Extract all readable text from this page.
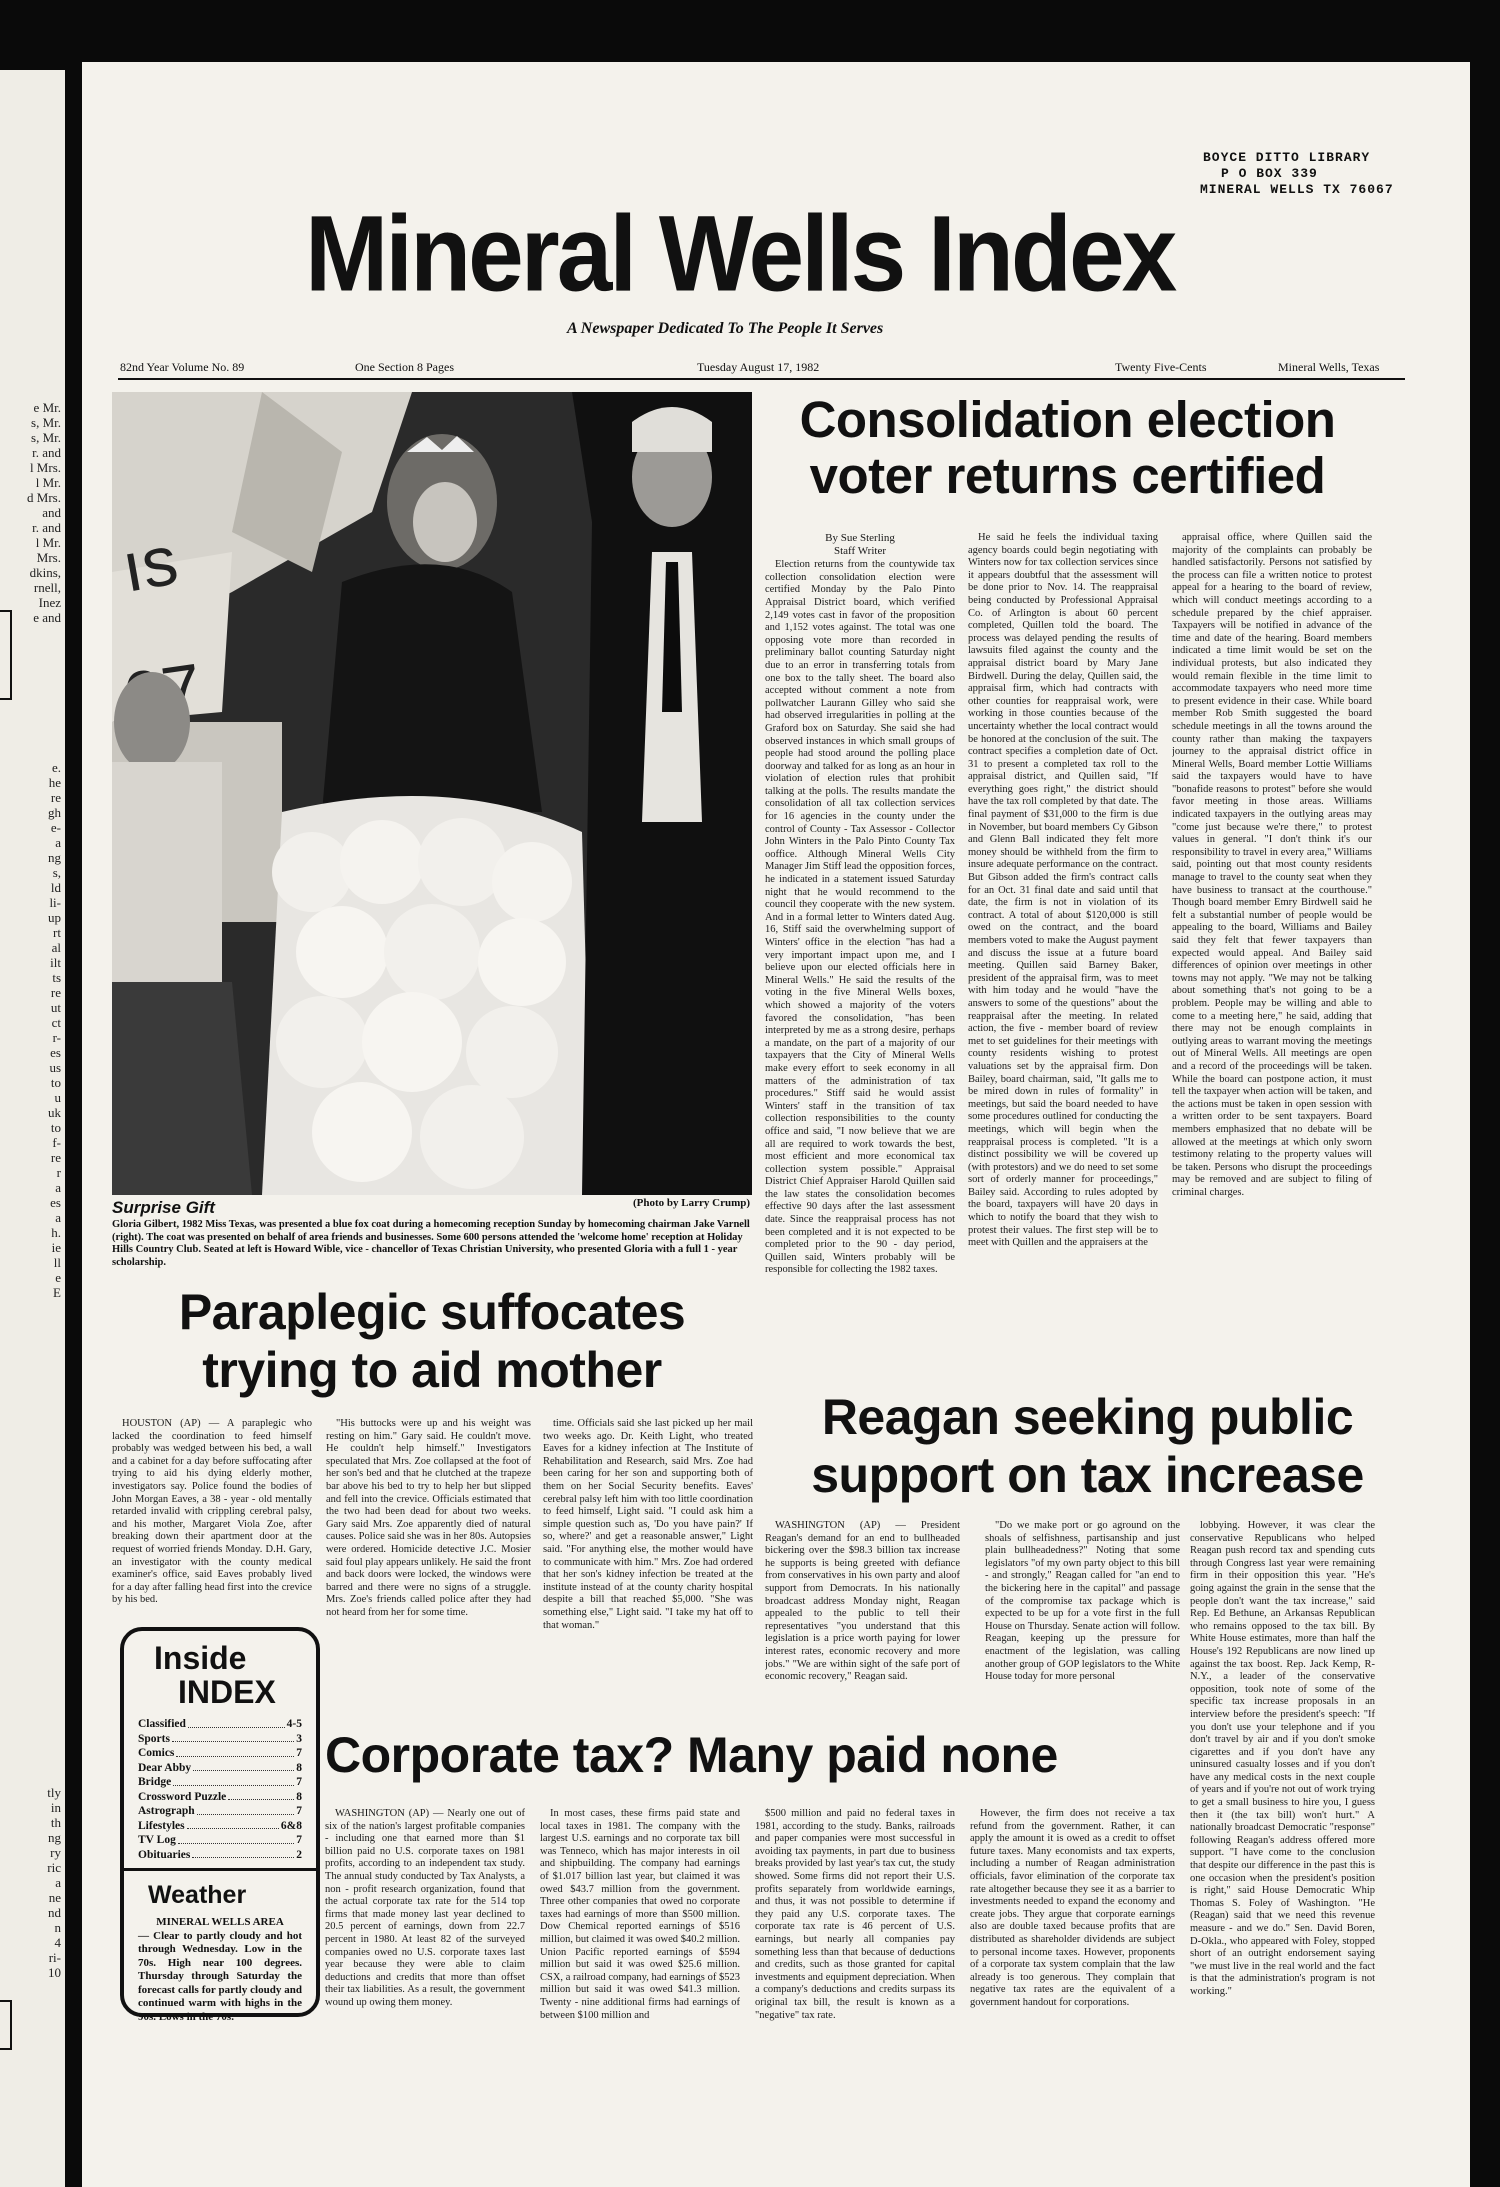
e Mr.
s, Mr.
s, Mr.
r. and
l Mrs.
l Mr.
d Mrs.
and
r. and
l Mr.
Mrs.
dkins,
rnell,
Inez
e and
e.
he
re
gh
e-
a
ng
s,
ld
li-
up
rt
al
ilt
ts
re
ut
ct
r-
es
us
to
u
uk
to
f-
re
r
a
es
a
h.
ie
ll
e
E
tly
in
th
ng
ry
ric
a
ne
nd
n
4
ri-
10
BOYCE DITTO LIBRARY
P O BOX 339
MINERAL WELLS TX 76067
Mineral Wells Index
A Newspaper Dedicated To The People It Serves
82nd Year Volume No. 89	One Section 8 Pages	Tuesday August 17, 1982	Twenty Five-Cents	Mineral Wells, Texas
ıs
Surprise Gift	(Photo by Larry Crump)
Gloria Gilbert, 1982 Miss Texas, was presented a blue fox coat during a homecoming reception Sunday by homecoming chairman Jake Varnell (right). The coat was presented on behalf of area friends and businesses. Some 600 persons attended the 'welcome home' reception at Holiday Hills Country Club. Seated at left is Howard Wible, vice - chancellor of Texas Christian University, who presented Gloria with a full 1 - year scholarship.
Consolidation election
voter returns certified
By Sue Sterling
Staff Writer

Election returns from the countywide tax collection consolidation election were certified Monday by the Palo Pinto Appraisal District board, which verified 2,149 votes cast in favor of the proposition and 1,152 votes against. The total was one opposing vote more than recorded in preliminary ballot counting Saturday night due to an error in transferring totals from one box to the tally sheet. The board also accepted without comment a note from pollwatcher Laurann Gilley who said she had observed irregularities in polling at the Graford box on Saturday. She said she had observed instances in which small groups of people had stood around the polling place doorway and talked for as long as an hour in violation of election rules that prohibit talking at the polls. The results mandate the consolidation of all tax collection services for 16 agencies in the county under the control of County - Tax Assessor - Collector John Winters in the Palo Pinto County Tax ooffice. Although Mineral Wells City Manager Jim Stiff lead the opposition forces, he indicated in a statement issued Saturday night that he would recommend to the council they cooperate with the new system. And in a formal letter to Winters dated Aug. 16, Stiff said the overwhelming support of Winters' office in the election "has had a very important impact upon me, and I believe upon our elected officials here in Mineral Wells." He said the results of the voting in the five Mineral Wells boxes, which showed a majority of the voters favored the consolidation, "has been interpreted by me as a strong desire, perhaps a mandate, on the part of a majority of our taxpayers that the City of Mineral Wells make every effort to seek economy in all matters of the administration of tax procedures." Stiff said he would assist Winters' staff in the transition of tax collection responsibilities to the county office and said, "I now believe that we are all are required to work towards the best, most efficient and more economical tax collection system possible." Appraisal District Chief Appraiser Harold Quillen said the law states the consolidation becomes effective 90 days after the last assessment date. Since the reappraisal process has not been completed and it is not expected to be completed prior to the 90 - day period, Quillen said, Winters probably will be responsible for collecting the 1982 taxes.

He said he feels the individual taxing agency boards could begin negotiating with Winters now for tax collection services since it appears doubtful that the assessment will be done prior to Nov. 14. The reappraisal being conducted by Professional Appraisal Co. of Arlington is about 60 percent completed, Quillen told the board. The process was delayed pending the results of lawsuits filed against the county and the appraisal district board by Mary Jane Birdwell. During the delay, Quillen said, the appraisal firm, which had contracts with other counties for reappraisal work, were working in those counties because of the uncertainty whether the local contract would be honored at the conclusion of the suit. The contract specifies a completion date of Oct. 31 to present a completed tax roll to the appraisal district, and Quillen said, "If everything goes right," the district should have the tax roll completed by that date. The final payment of $31,000 to the firm is due in November, but board members Cy Gibson and Glenn Ball indicated they felt more money should be withheld from the firm to insure adequate performance on the contract. But Gibson added the firm's contract calls for an Oct. 31 final date and said until that date, the firm is not in violation of its contract. A total of about $120,000 is still owed on the contract, and the board members voted to make the August payment and discuss the issue at a future board meeting. Quillen said Barney Baker, president of the appraisal firm, was to meet with him today and he would "have the answers to some of the questions" about the reappraisal after the meeting. In related action, the five - member board of review met to set guidelines for their meetings with county residents wishing to protest valuations set by the appraisal firm. Don Bailey, board chairman, said, "It galls me to be mired down in rules of formality" in meetings, but said the board needed to have some procedures outlined for conducting the meetings, which will begin when the reappraisal process is completed. "It is a distinct possibility we will be covered up (with protestors) and we do need to set some sort of orderly manner for proceedings," Bailey said. According to rules adopted by the board, taxpayers will have 20 days in which to notify the board that they wish to protest their values. The first step will be to meet with Quillen and the appraisers at the

appraisal office, where Quillen said the majority of the complaints can probably be handled satisfactorily. Persons not satisfied by the process can file a written notice to protest appeal for a hearing to the board of review, which will conduct meetings according to a schedule prepared by the chief appraiser. Taxpayers will be notified in advance of the time and date of the hearing. Board members indicated a time limit would be set on the individual protests, but also indicated they would remain flexible in the time limit to accommodate taxpayers who need more time to present evidence in their case. While board member Rob Smith suggested the board schedule meetings in all the towns around the county rather than making the taxpayers journey to the appraisal district office in Mineral Wells, Board member Lottie Williams said the taxpayers would have to have "bonafide reasons to protest" before she would favor meeting in those areas. Williams indicated taxpayers in the outlying areas may "come just because we're there," to protest values in general. "I don't think it's our responsibility to travel in every area," Williams said, pointing out that most county residents manage to travel to the county seat when they have business to transact at the courthouse." Though board member Emry Birdwell said he felt a substantial number of people would be appealing to the board, Williams and Bailey said they felt that fewer taxpayers than expected would appeal. And Bailey said differences of opinion over meetings in other towns may not apply. "We may not be talking about something that's not going to be a problem. People may be willing and able to come to a meeting here," he said, adding that there may not be enough complaints in outlying areas to warrant moving the meetings out of Mineral Wells. All meetings are open and a record of the proceedings will be taken. While the board can postpone action, it must tell the taxpayer when action will be taken, and the actions must be taken in open session with a written order to be sent taxpayers. Board members emphasized that no debate will be allowed at the meetings at which only sworn testimony relating to the property values will be taken. Persons who disrupt the proceedings may be removed and are subject to filing of criminal charges.

Paraplegic suffocates
trying to aid mother

HOUSTON (AP) — A paraplegic who lacked the coordination to feed himself probably was wedged between his bed, a wall and a cabinet for a day before suffocating after trying to aid his dying elderly mother, investigators say. Police found the bodies of John Morgan Eaves, a 38 - year - old mentally retarded invalid with crippling cerebral palsy, and his mother, Margaret Viola Zoe, after breaking down their apartment door at the request of worried friends Monday. D.H. Gary, an investigator with the county medical examiner's office, said Eaves probably lived for a day after falling head first into the crevice by his bed.

"His buttocks were up and his weight was resting on him." Gary said. He couldn't move. He couldn't help himself." Investigators speculated that Mrs. Zoe collapsed at the foot of her son's bed and that he clutched at the trapeze bar above his bed to try to help her but slipped and fell into the crevice. Officials estimated that the two had been dead for about two weeks. Gary said Mrs. Zoe apparently died of natural causes. Police said she was in her 80s. Autopsies were ordered. Homicide detective J.C. Mosier said foul play appears unlikely. He said the front and back doors were locked, the windows were barred and there were no signs of a struggle. Mrs. Zoe's friends called police after they had not heard from her for some time.

time. Officials said she last picked up her mail two weeks ago. Dr. Keith Light, who treated Eaves for a kidney infection at The Institute of Rehabilitation and Research, said Mrs. Zoe had been caring for her son and supporting both of them on her Social Security benefits. Eaves' cerebral palsy left him with too little coordination to feed himself, Light said. "I could ask him a simple question such as, 'Do you have pain?' If so, where?' and get a reasonable answer," Light said. "For anything else, the mother would have to communicate with him." Mrs. Zoe had ordered that her son's kidney infection be treated at the institute instead of at the county charity hospital despite a bill that reached $5,000. "She was something else," Light said. "I take my hat off to that woman."

Reagan seeking public
support on tax increase

WASHINGTON (AP) — President Reagan's demand for an end to bullheaded bickering over the $98.3 billion tax increase he supports is being greeted with defiance from conservatives in his own party and aloof support from Democrats. In his nationally broadcast address Monday night, Reagan appealed to the public to tell their representatives "you understand that this legislation is a price worth paying for lower interest rates, economic recovery and more jobs." "We are within sight of the safe port of economic recovery," Reagan said.

"Do we make port or go aground on the shoals of selfishness, partisanship and just plain bullheadedness?" Noting that some legislators "of my own party object to this bill - and strongly," Reagan called for "an end to the bickering here in the capital" and passage of the compromise tax package which is expected to be up for a vote first in the full House on Thursday. Senate action will follow. Reagan, keeping up the pressure for enactment of the legislation, was calling another group of GOP legislators to the White House today for more personal

lobbying. However, it was clear the conservative Republicans who helped Reagan push record tax and spending cuts through Congress last year were remaining firm in their opposition this year. "He's going against the grain in the sense that the people don't want the tax increase," said Rep. Ed Bethune, an Arkansas Republican who remains opposed to the tax bill. By White House estimates, more than half the House's 192 Republicans are now lined up against the tax boost. Rep. Jack Kemp, R-N.Y., a leader of the conservative opposition, took note of some of the specific tax increase proposals in an interview before the president's speech: "If you don't use your telephone and if you don't travel by air and if you don't smoke cigarettes and if you don't have any uninsured casualty losses and if you don't have any medical costs in the next couple of years and if you're not out of work trying to get a small business to hire you, I guess then it (the tax bill) won't hurt." A nationally broadcast Democratic "response" following Reagan's address offered more support. "I have come to the conclusion that despite our difference in the past this is one occasion when the president's position is right," said House Democratic Whip Thomas S. Foley of Washington. "He (Reagan) said that we need this revenue measure - and we do." Sen. David Boren, D-Okla., who appeared with Foley, stopped short of an outright endorsement saying "we must live in the real world and the fact is that the administration's program is not working."

Inside
INDEX
Classified	4-5
Sports	3
Comics	7
Dear Abby	8
Bridge	7
Crossword Puzzle	8
Astrograph	7
Lifestyles	6&8
TV Log	7
Obituaries	2
Weather
MINERAL WELLS AREA
— Clear to partly cloudy and hot through Wednesday. Low in the 70s. High near 100 degrees. Thursday through Saturday the forecast calls for partly cloudy and continued warm with highs in the 90s. Lows in the 70s.
Corporate tax? Many paid none

WASHINGTON (AP) — Nearly one out of six of the nation's largest profitable companies - including one that earned more than $1 billion paid no U.S. corporate taxes on 1981 profits, according to an independent tax study. The annual study conducted by Tax Analysts, a non - profit research organization, found that the actual corporate tax rate for the 514 top firms that made money last year declined to 20.5 percent of earnings, down from 22.7 percent in 1980. At least 82 of the surveyed companies owed no U.S. corporate taxes last year because they were able to claim deductions and credits that more than offset their tax liabilities. As a result, the government wound up owing them money.

In most cases, these firms paid state and local taxes in 1981. The company with the largest U.S. earnings and no corporate tax bill was Tenneco, which has major interests in oil and shipbuilding. The company had earnings of $1.017 billion last year, but claimed it was owed $43.7 million from the government. Three other companies that owed no corporate taxes had earnings of more than $500 million. Dow Chemical reported earnings of $516 million, but claimed it was owed $40.2 million. Union Pacific reported earnings of $594 million but said it was owed $25.6 million. CSX, a railroad company, had earnings of $523 million but said it was owed $41.3 million. Twenty - nine additional firms had earnings of between $100 million and

$500 million and paid no federal taxes in 1981, according to the study. Banks, railroads and paper companies were most successful in avoiding tax payments, in part due to business breaks provided by last year's tax cut, the study showed. Some firms did not report their U.S. profits separately from worldwide earnings, and thus, it was not possible to determine if they paid any U.S. corporate taxes. The corporate tax rate is 46 percent of U.S. earnings, but nearly all companies pay something less than that because of deductions and credits, such as those granted for capital investments and equipment depreciation. When a company's deductions and credits surpass its original tax bill, the result is known as a "negative" tax rate.

However, the firm does not receive a tax refund from the government. Rather, it can apply the amount it is owed as a credit to offset future taxes. Many economists and tax experts, including a number of Reagan administration officials, favor elimination of the corporate tax rate altogether because they see it as a barrier to investments needed to expand the economy and create jobs. They argue that corporate earnings also are double taxed because profits that are distributed as shareholder dividends are subject to personal income taxes. However, proponents of a corporate tax system complain that the law already is too generous. They complain that negative tax rates are the equivalent of a government handout for corporations.
